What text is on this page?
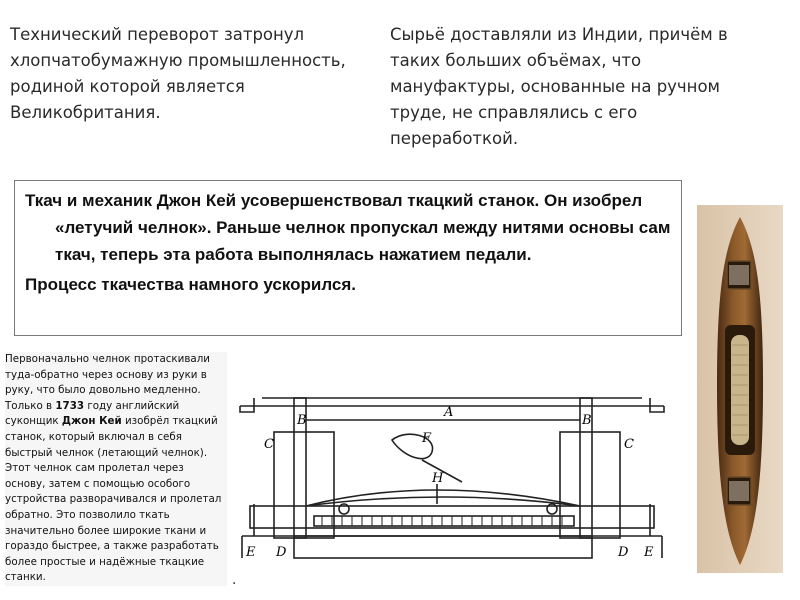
Технический переворот затронул хлопчатобумажную промышленность, родиной которой является Великобритания.
Сырьё доставляли из Индии, причём в таких больших объёмах, что мануфактуры, основанные на ручном труде, не справлялись с его переработкой.

Ткач и механик Джон Кей усовершенствовал ткацкий станок. Он изобрел «летучий челнок». Раньше челнок пропускал между нитями основы сам ткач, теперь эта работа выполнялась нажатием педали.

Процесс ткачества намного ускорился.

Первоначально челнок протаскивали туда-обратно через основу из руки в руку, что было довольно медленно. Только в 1733 году английский суконщик Джон Кей изобрёл ткацкий станок, который включал в себя быстрый челнок (летающий челнок). Этот челнок сам пролетал через основу, затем с помощью особого устройства разворачивался и пролетал обратно. Это позволило ткать значительно более широкие ткани и гораздо быстрее, а также разработать более простые и надёжные ткацкие станки.	.
A
B	B
C	C
F
H
D	D
E	E
